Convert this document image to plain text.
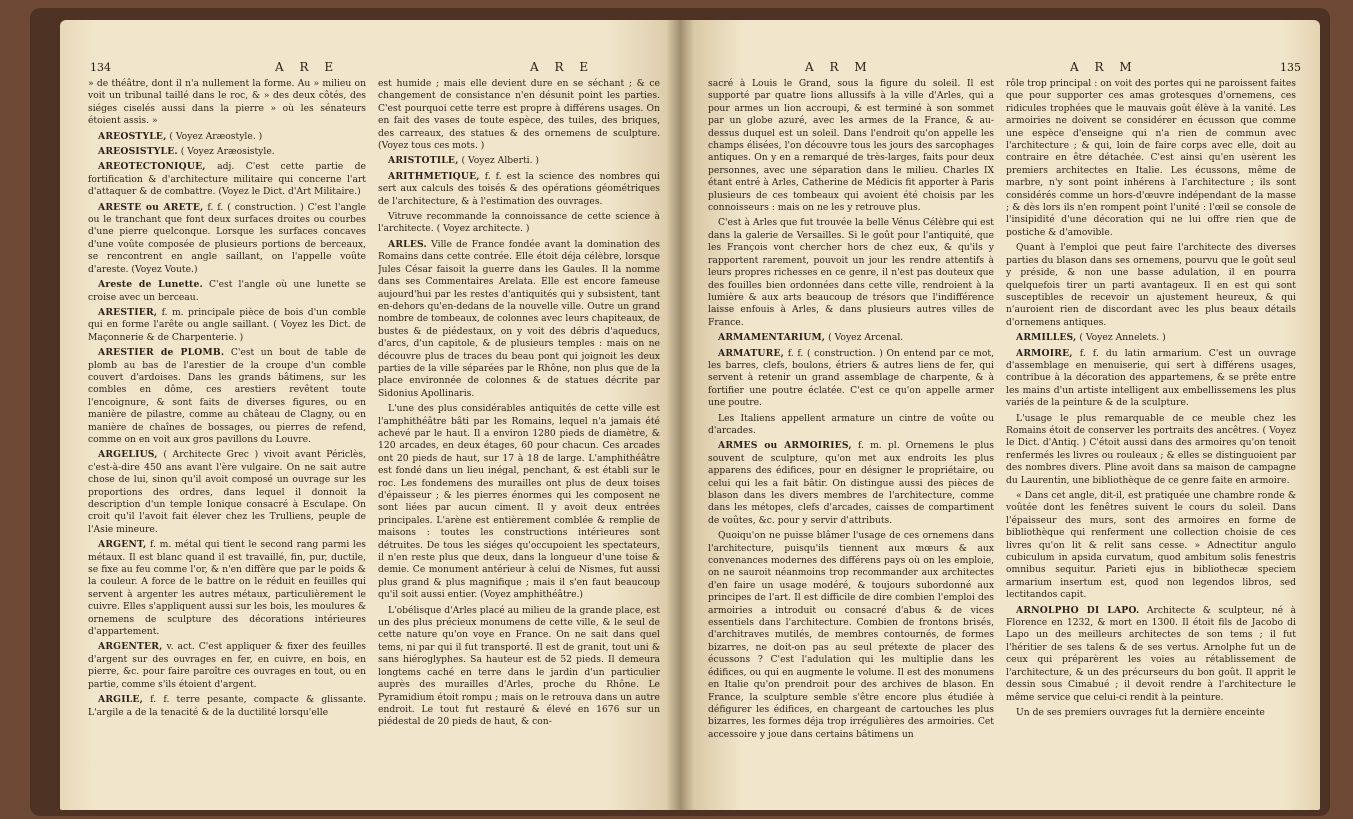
134	A R E	A R E

» de théâtre, dont il n'a nullement la forme. Au » milieu on voit un tribunal taillé dans le roc, & » des deux côtés, des siéges ciselés aussi dans la pierre » où les sénateurs étoient assis. »

AREOSTYLE, ( Voyez Aræostyle. )

AREOSISTYLE. ( Voyez Aræosistyle.

AREOTECTONIQUE, adj. C'est cette partie de fortification & d'architecture militaire qui concerne l'art d'attaquer & de combattre. (Voyez le Dict. d'Art Militaire.)

ARESTE ou ARETE, f. f. ( construction. ) C'est l'angle ou le tranchant que font deux surfaces droites ou courbes d'une pierre quelconque. Lorsque les surfaces concaves d'une voûte composée de plusieurs portions de berceaux, se rencontrent en angle saillant, on l'appelle voûte d'areste. (Voyez Voute.)

Areste de Lunette. C'est l'angle où une lunette se croise avec un berceau.

ARESTIER, f. m. principale pièce de bois d'un comble qui en forme l'arête ou angle saillant. ( Voyez les Dict. de Maçonnerie & de Charpenterie. )

ARESTIER de PLOMB. C'est un bout de table de plomb au bas de l'arestier de la croupe d'un comble couvert d'ardoises. Dans les grands bâtimens, sur les combles en dôme, ces arestiers revêtent toute l'encoignure, & sont faits de diverses figures, ou en manière de pilastre, comme au château de Clagny, ou en manière de chaînes de bossages, ou pierres de refend, comme on en voit aux gros pavillons du Louvre.

ARGELIUS, ( Architecte Grec ) vivoit avant Périclès, c'est-à-dire 450 ans avant l'ère vulgaire. On ne sait autre chose de lui, sinon qu'il avoit composé un ouvrage sur les proportions des ordres, dans lequel il donnoit la description d'un temple Ionique consacré à Esculape. On croit qu'il l'avoit fait élever chez les Trulliens, peuple de l'Asie mineure.

ARGENT, f. m. métal qui tient le second rang parmi les métaux. Il est blanc quand il est travaillé, fin, pur, ductile, se fixe au feu comme l'or, & n'en diffère que par le poids & la couleur. A force de le battre on le réduit en feuilles qui servent à argenter les autres métaux, particulièrement le cuivre. Elles s'appliquent aussi sur les bois, les moulures & ornemens de sculpture des décorations intérieures d'appartement.

ARGENTER, v. act. C'est appliquer & fixer des feuilles d'argent sur des ouvrages en fer, en cuivre, en bois, en pierre, &c. pour faire paroître ces ouvrages en tout, ou en partie, comme s'ils étoient d'argent.

ARGILE, f. f. terre pesante, compacte & glissante. L'argile a de la tenacité & de la ductilité lorsqu'elle

est humide ; mais elle devient dure en se séchant ; & ce changement de consistance n'en désunit point les parties. C'est pourquoi cette terre est propre à différens usages. On en fait des vases de toute espèce, des tuiles, des briques, des carreaux, des statues & des ornemens de sculpture. (Voyez tous ces mots. )

ARISTOTILE, ( Voyez Alberti. )

ARITHMETIQUE, f. f. est la science des nombres qui sert aux calculs des toisés & des opérations géométriques de l'architecture, & à l'estimation des ouvrages.

Vitruve recommande la connoissance de cette science à l'architecte. ( Voyez architecte. )

ARLES. Ville de France fondée avant la domination des Romains dans cette contrée. Elle étoit déja célèbre, lorsque Jules César faisoit la guerre dans les Gaules. Il la nomme dans ses Commentaires Arelata. Elle est encore fameuse aujourd'hui par les restes d'antiquités qui y subsistent, tant en-dehors qu'en-dedans de la nouvelle ville. Outre un grand nombre de tombeaux, de colonnes avec leurs chapiteaux, de bustes & de piédestaux, on y voit des débris d'aqueducs, d'arcs, d'un capitole, & de plusieurs temples : mais on ne découvre plus de traces du beau pont qui joignoit les deux parties de la ville séparées par le Rhône, non plus que de la place environnée de colonnes & de statues décrite par Sidonius Apollinaris.

L'une des plus considérables antiquités de cette ville est l'amphithéâtre bâti par les Romains, lequel n'a jamais été achevé par le haut. Il a environ 1280 pieds de diamètre, & 120 arcades, en deux étages, 60 pour chacun. Ces arcades ont 20 pieds de haut, sur 17 à 18 de large. L'amphithéâtre est fondé dans un lieu inégal, penchant, & est établi sur le roc. Les fondemens des murailles ont plus de deux toises d'épaisseur ; & les pierres énormes qui les composent ne sont liées par aucun ciment. Il y avoit deux entrées principales. L'arène est entièrement comblée & remplie de maisons : toutes les constructions intérieures sont détruites. De tous les siéges qu'occupoient les spectateurs, il n'en reste plus que deux, dans la longueur d'une toise & demie. Ce monument antérieur à celui de Nismes, fut aussi plus grand & plus magnifique ; mais il s'en faut beaucoup qu'il soit aussi entier. (Voyez amphithéâtre.)

L'obélisque d'Arles placé au milieu de la grande place, est un des plus précieux monumens de cette ville, & le seul de cette nature qu'on voye en France. On ne sait dans quel tems, ni par qui il fut transporté. Il est de granit, tout uni & sans hiéroglyphes. Sa hauteur est de 52 pieds. Il demeura longtems caché en terre dans le jardin d'un particulier auprès des murailles d'Arles, proche du Rhône. Le Pyramidium étoit rompu ; mais on le retrouva dans un autre endroit. Le tout fut restauré & élevé en 1676 sur un piédestal de 20 pieds de haut, & con-

A R M	A R M	135

sacré à Louis le Grand, sous la figure du soleil. Il est supporté par quatre lions allussifs à la ville d'Arles, qui a pour armes un lion accroupi, & est terminé à son sommet par un globe azuré, avec les armes de la France, & au-dessus duquel est un soleil. Dans l'endroit qu'on appelle les champs élisées, l'on découvre tous les jours des sarcophages antiques. On y en a remarqué de très-larges, faits pour deux personnes, avec une séparation dans le milieu. Charles IX étant entré à Arles, Catherine de Médicis fit apporter à Paris plusieurs de ces tombeaux qui avoient été choisis par les connoisseurs : mais on ne les y retrouve plus.

C'est à Arles que fut trouvée la belle Vénus Célèbre qui est dans la galerie de Versailles. Si le goût pour l'antiquité, que les François vont chercher hors de chez eux, & qu'ils y rapportent rarement, pouvoit un jour les rendre attentifs à leurs propres richesses en ce genre, il n'est pas douteux que des fouilles bien ordonnées dans cette ville, rendroient à la lumière & aux arts beaucoup de trésors que l'indifférence laisse enfouis à Arles, & dans plusieurs autres villes de France.

ARMAMENTARIUM, ( Voyez Arcenal.

ARMATURE, f. f. ( construction. ) On entend par ce mot, les barres, clefs, boulons, étriers & autres liens de fer, qui servent à retenir un grand assemblage de charpente, & à fortifier une poutre éclatée. C'est ce qu'on appelle armer une poutre.

Les Italiens appellent armature un cintre de voûte ou d'arcades.

ARMES ou ARMOIRIES, f. m. pl. Ornemens le plus souvent de sculpture, qu'on met aux endroits les plus apparens des édifices, pour en désigner le propriétaire, ou celui qui les a fait bâtir. On distingue aussi des pièces de blason dans les divers membres de l'architecture, comme dans les métopes, clefs d'arcades, caisses de compartiment de voûtes, &c. pour y servir d'attributs.

Quoiqu'on ne puisse blâmer l'usage de ces ornemens dans l'architecture, puisqu'ils tiennent aux mœurs & aux convenances modernes des différens pays où on les emploie, on ne sauroit néanmoins trop recommander aux architectes d'en faire un usage modéré, & toujours subordonné aux principes de l'art. Il est difficile de dire combien l'emploi des armoiries a introduit ou consacré d'abus & de vices essentiels dans l'architecture. Combien de frontons brisés, d'architraves mutilés, de membres contournés, de formes bizarres, ne doit-on pas au seul prétexte de placer des écussons ? C'est l'adulation qui les multiplie dans les édifices, ou qui en augmente le volume. Il est des monumens en Italie qu'on prendroit pour des archives de blason. En France, la sculpture semble s'être encore plus étudiée à défigurer les édifices, en chargeant de cartouches les plus bizarres, les formes déja trop irrégulières des armoiries. Cet accessoire y joue dans certains bâtimens un

rôle trop principal : on voit des portes qui ne paroissent faites que pour supporter ces amas grotesques d'ornemens, ces ridicules trophées que le mauvais goût élève à la vanité. Les armoiries ne doivent se considérer en écusson que comme une espèce d'enseigne qui n'a rien de commun avec l'architecture ; & qui, loin de faire corps avec elle, doit au contraire en être détachée. C'est ainsi qu'en usèrent les premiers architectes en Italie. Les écussons, même de marbre, n'y sont point inhérens à l'architecture ; ils sont considérés comme un hors-d'œuvre indépendant de la masse ; & dès lors ils n'en rompent point l'unité : l'œil se console de l'insipidité d'une décoration qui ne lui offre rien que de postiche & d'amovible.

Quant à l'emploi que peut faire l'architecte des diverses parties du blason dans ses ornemens, pourvu que le goût seul y préside, & non une basse adulation, il en pourra quelquefois tirer un parti avantageux. Il en est qui sont susceptibles de recevoir un ajustement heureux, & qui n'auroient rien de discordant avec les plus beaux détails d'ornemens antiques.

ARMILLES, ( Voyez Annelets. )

ARMOIRE, f. f. du latin armarium. C'est un ouvrage d'assemblage en menuiserie, qui sert à différens usages, contribue à la décoration des appartemens, & se prête entre les mains d'un artiste intelligent aux embellissemens les plus variés de la peinture & de la sculpture.

L'usage le plus remarquable de ce meuble chez les Romains étoit de conserver les portraits des ancêtres. ( Voyez le Dict. d'Antiq. ) C'étoit aussi dans des armoires qu'on tenoit renfermés les livres ou rouleaux ; & elles se distinguoient par des nombres divers. Pline avoit dans sa maison de campagne du Laurentin, une bibliothèque de ce genre faite en armoire.

« Dans cet angle, dit-il, est pratiquée une chambre ronde & voûtée dont les fenêtres suivent le cours du soleil. Dans l'épaisseur des murs, sont des armoires en forme de bibliothèque qui renferment une collection choisie de ces livres qu'on lit & relit sans cesse. » Adnectitur angulo cubiculum in apsida curvatum, quod ambitum solis fenestris omnibus sequitur. Parieti ejus in bibliothecæ speciem armarium insertum est, quod non legendos libros, sed lectitandos capit.

ARNOLPHO DI LAPO. Architecte & sculpteur, né à Florence en 1232, & mort en 1300. Il étoit fils de Jacobo di Lapo un des meilleurs architectes de son tems ; il fut l'héritier de ses talens & de ses vertus. Arnolphe fut un de ceux qui préparèrent les voies au rétablissement de l'architecture, & un des précurseurs du bon goût. Il apprit le dessin sous Cimabué ; il devoit rendre à l'architecture le même service que celui-ci rendit à la peinture.

Un de ses premiers ouvrages fut la dernière enceinte
